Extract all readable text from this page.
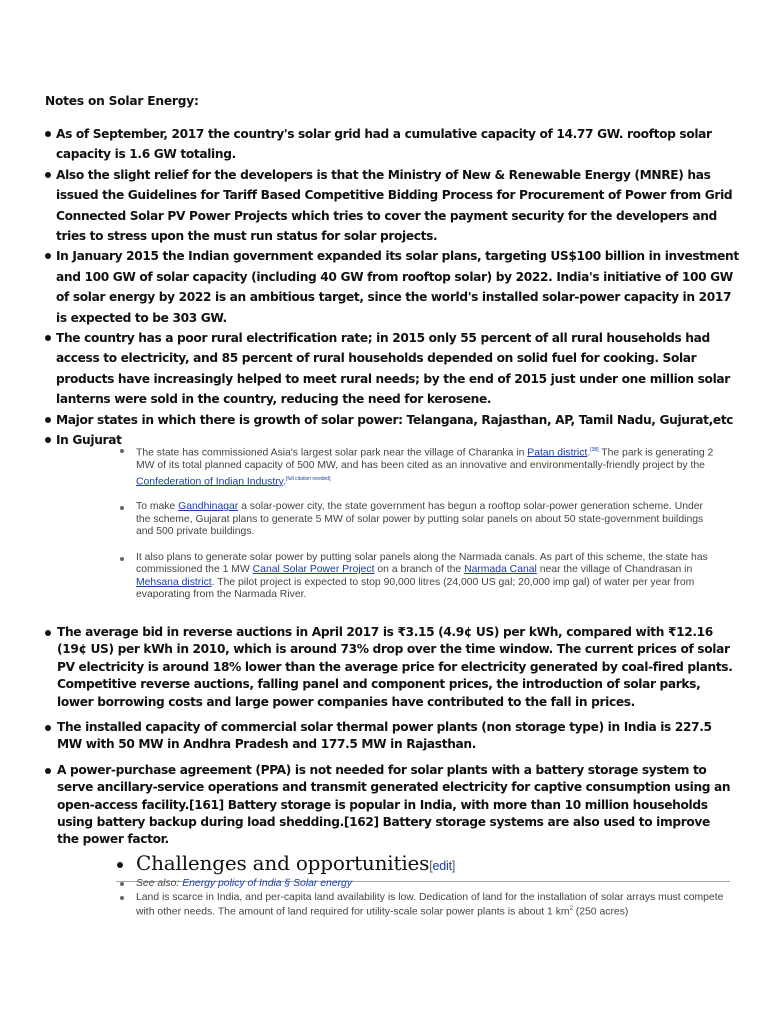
Notes on Solar Energy:
As of September, 2017 the country's solar grid had a cumulative capacity of 14.77 GW. rooftop solar capacity is 1.6 GW totaling.
Also the slight relief for the developers is that the Ministry of New & Renewable Energy (MNRE) has issued the Guidelines for Tariff Based Competitive Bidding Process for Procurement of Power from Grid Connected Solar PV Power Projects which tries to cover the payment security for the developers and tries to stress upon the must run status for solar projects.
In January 2015 the Indian government expanded its solar plans, targeting US$100 billion in investment and 100 GW of solar capacity (including 40 GW from rooftop solar) by 2022. India's initiative of 100 GW of solar energy by 2022 is an ambitious target, since the world's installed solar-power capacity in 2017 is expected to be 303 GW.
The country has a poor rural electrification rate; in 2015 only 55 percent of all rural households had access to electricity, and 85 percent of rural households depended on solid fuel for cooking. Solar products have increasingly helped to meet rural needs; by the end of 2015 just under one million solar lanterns were sold in the country, reducing the need for kerosene.
Major states in which there is growth of solar power: Telangana, Rajasthan, AP, Tamil Nadu, Gujurat,etc
In Gujurat
The state has commissioned Asia's largest solar park near the village of Charanka in Patan district.[38] The park is generating 2 MW of its total planned capacity of 500 MW, and has been cited as an innovative and environmentally-friendly project by the Confederation of Indian Industry.[full citation needed]
To make Gandhinagar a solar-power city, the state government has begun a rooftop solar-power generation scheme. Under the scheme, Gujarat plans to generate 5 MW of solar power by putting solar panels on about 50 state-government buildings and 500 private buildings.
It also plans to generate solar power by putting solar panels along the Narmada canals. As part of this scheme, the state has commissioned the 1 MW Canal Solar Power Project on a branch of the Narmada Canal near the village of Chandrasan in Mehsana district. The pilot project is expected to stop 90,000 litres (24,000 US gal; 20,000 imp gal) of water per year from evaporating from the Narmada River.
The average bid in reverse auctions in April 2017 is ₹3.15 (4.9¢ US) per kWh, compared with ₹12.16 (19¢ US) per kWh in 2010, which is around 73% drop over the time window. The current prices of solar PV electricity is around 18% lower than the average price for electricity generated by coal-fired plants. Competitive reverse auctions, falling panel and component prices, the introduction of solar parks, lower borrowing costs and large power companies have contributed to the fall in prices.
The installed capacity of commercial solar thermal power plants (non storage type) in India is 227.5 MW with 50 MW in Andhra Pradesh and 177.5 MW in Rajasthan.
A power-purchase agreement (PPA) is not needed for solar plants with a battery storage system to serve ancillary-service operations and transmit generated electricity for captive consumption using an open-access facility.[161] Battery storage is popular in India, with more than 10 million households using battery backup during load shedding.[162] Battery storage systems are also used to improve the power factor.
Challenges and opportunities[edit]
See also: Energy policy of India § Solar energy
Land is scarce in India, and per-capita land availability is low. Dedication of land for the installation of solar arrays must compete with other needs. The amount of land required for utility-scale solar power plants is about 1 $km^2$ (250 acres)
